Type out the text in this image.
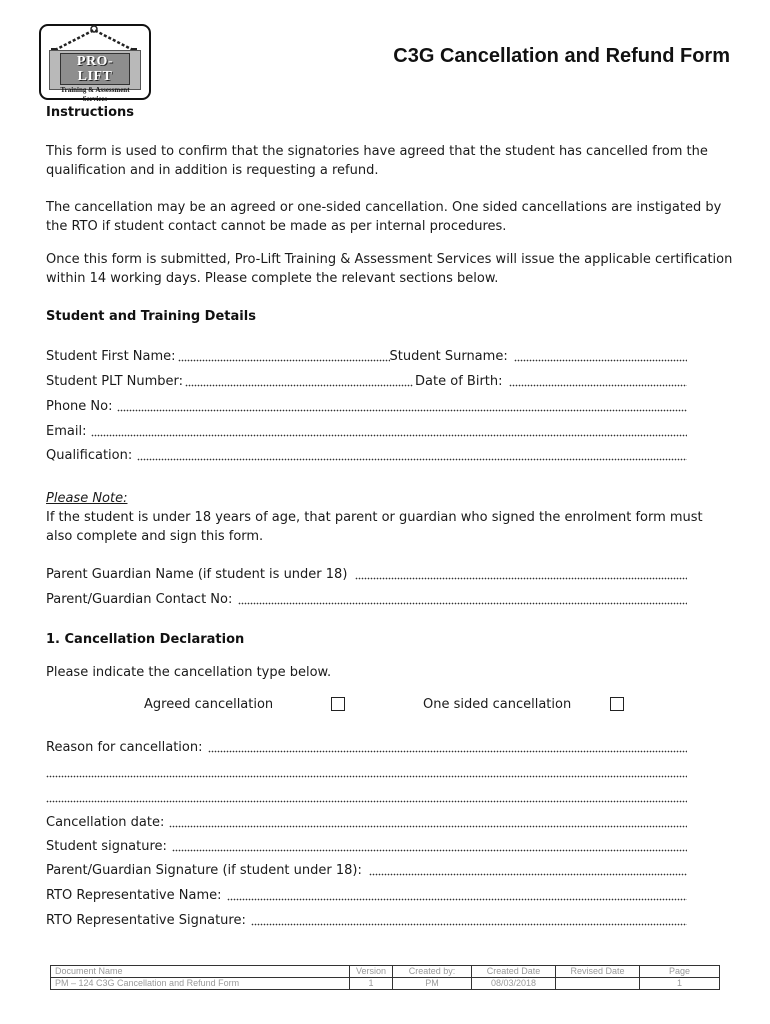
PRO-LIFT
Training & Assessment
Services
C3G Cancellation and Refund Form
Instructions
This form is used to confirm that the signatories have agreed that the student has cancelled from the qualification and in addition is requesting a refund.
The cancellation may be an agreed or one-sided cancellation. One sided cancellations are instigated by the RTO if student contact cannot be made as per internal procedures.
Once this form is submitted, Pro-Lift Training & Assessment Services will issue the applicable certification within 14 working days. Please complete the relevant sections below.
Student and Training Details
Student First Name:	Student Surname:
Student PLT Number:	Date of Birth:
Phone No:
Email:
Qualification:
Please Note:
If the student is under 18 years of age, that parent or guardian who signed the enrolment form must also complete and sign this form.
Parent Guardian Name (if student is under 18)
Parent/Guardian Contact No:
1. Cancellation Declaration
Please indicate the cancellation type below.
Agreed cancellation	One sided cancellation
Reason for cancellation:
Cancellation date:
Student signature:
Parent/Guardian Signature (if student under 18):
RTO Representative Name:
RTO Representative Signature:
Document Name	Version	Created by:	Created Date	Revised Date	Page
PM – 124 C3G Cancellation and Refund Form	1	PM	08/03/2018		1
